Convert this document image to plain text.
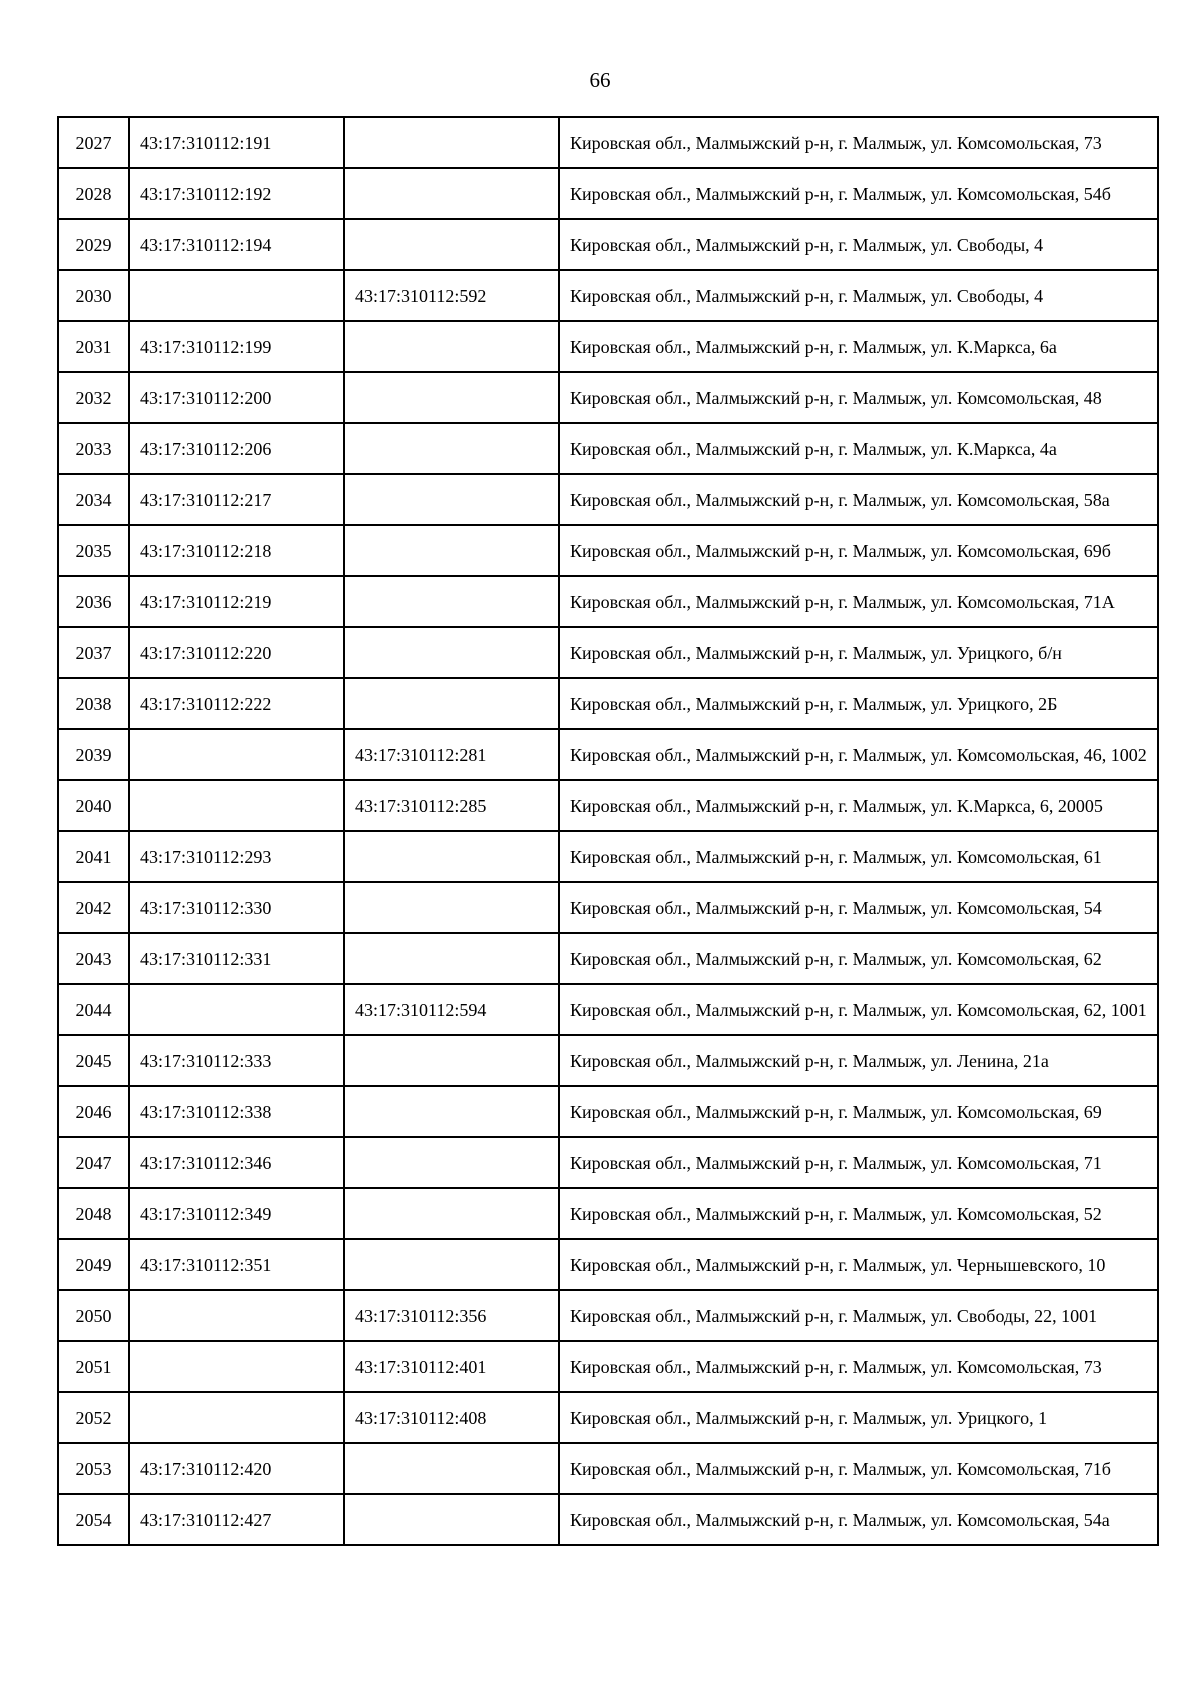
66
2027	43:17:310112:191		Кировская обл., Малмыжский р-н, г. Малмыж, ул. Комсомольская, 73
2028	43:17:310112:192		Кировская обл., Малмыжский р-н, г. Малмыж, ул. Комсомольская, 54б
2029	43:17:310112:194		Кировская обл., Малмыжский р-н, г. Малмыж, ул. Свободы, 4
2030		43:17:310112:592	Кировская обл., Малмыжский р-н, г. Малмыж, ул. Свободы, 4
2031	43:17:310112:199		Кировская обл., Малмыжский р-н, г. Малмыж, ул. К.Маркса, 6а
2032	43:17:310112:200		Кировская обл., Малмыжский р-н, г. Малмыж, ул. Комсомольская, 48
2033	43:17:310112:206		Кировская обл., Малмыжский р-н, г. Малмыж, ул. К.Маркса, 4а
2034	43:17:310112:217		Кировская обл., Малмыжский р-н, г. Малмыж, ул. Комсомольская, 58а
2035	43:17:310112:218		Кировская обл., Малмыжский р-н, г. Малмыж, ул. Комсомольская, 69б
2036	43:17:310112:219		Кировская обл., Малмыжский р-н, г. Малмыж, ул. Комсомольская, 71А
2037	43:17:310112:220		Кировская обл., Малмыжский р-н, г. Малмыж, ул. Урицкого, б/н
2038	43:17:310112:222		Кировская обл., Малмыжский р-н, г. Малмыж, ул. Урицкого, 2Б
2039		43:17:310112:281	Кировская обл., Малмыжский р-н, г. Малмыж, ул. Комсомольская, 46, 1002
2040		43:17:310112:285	Кировская обл., Малмыжский р-н, г. Малмыж, ул. К.Маркса, 6, 20005
2041	43:17:310112:293		Кировская обл., Малмыжский р-н, г. Малмыж, ул. Комсомольская, 61
2042	43:17:310112:330		Кировская обл., Малмыжский р-н, г. Малмыж, ул. Комсомольская, 54
2043	43:17:310112:331		Кировская обл., Малмыжский р-н, г. Малмыж, ул. Комсомольская, 62
2044		43:17:310112:594	Кировская обл., Малмыжский р-н, г. Малмыж, ул. Комсомольская, 62, 1001
2045	43:17:310112:333		Кировская обл., Малмыжский р-н, г. Малмыж, ул. Ленина, 21а
2046	43:17:310112:338		Кировская обл., Малмыжский р-н, г. Малмыж, ул. Комсомольская, 69
2047	43:17:310112:346		Кировская обл., Малмыжский р-н, г. Малмыж, ул. Комсомольская, 71
2048	43:17:310112:349		Кировская обл., Малмыжский р-н, г. Малмыж, ул. Комсомольская, 52
2049	43:17:310112:351		Кировская обл., Малмыжский р-н, г. Малмыж, ул. Чернышевского, 10
2050		43:17:310112:356	Кировская обл., Малмыжский р-н, г. Малмыж, ул. Свободы, 22, 1001
2051		43:17:310112:401	Кировская обл., Малмыжский р-н, г. Малмыж, ул. Комсомольская, 73
2052		43:17:310112:408	Кировская обл., Малмыжский р-н, г. Малмыж, ул. Урицкого, 1
2053	43:17:310112:420		Кировская обл., Малмыжский р-н, г. Малмыж, ул. Комсомольская, 71б
2054	43:17:310112:427		Кировская обл., Малмыжский р-н, г. Малмыж, ул. Комсомольская, 54а
